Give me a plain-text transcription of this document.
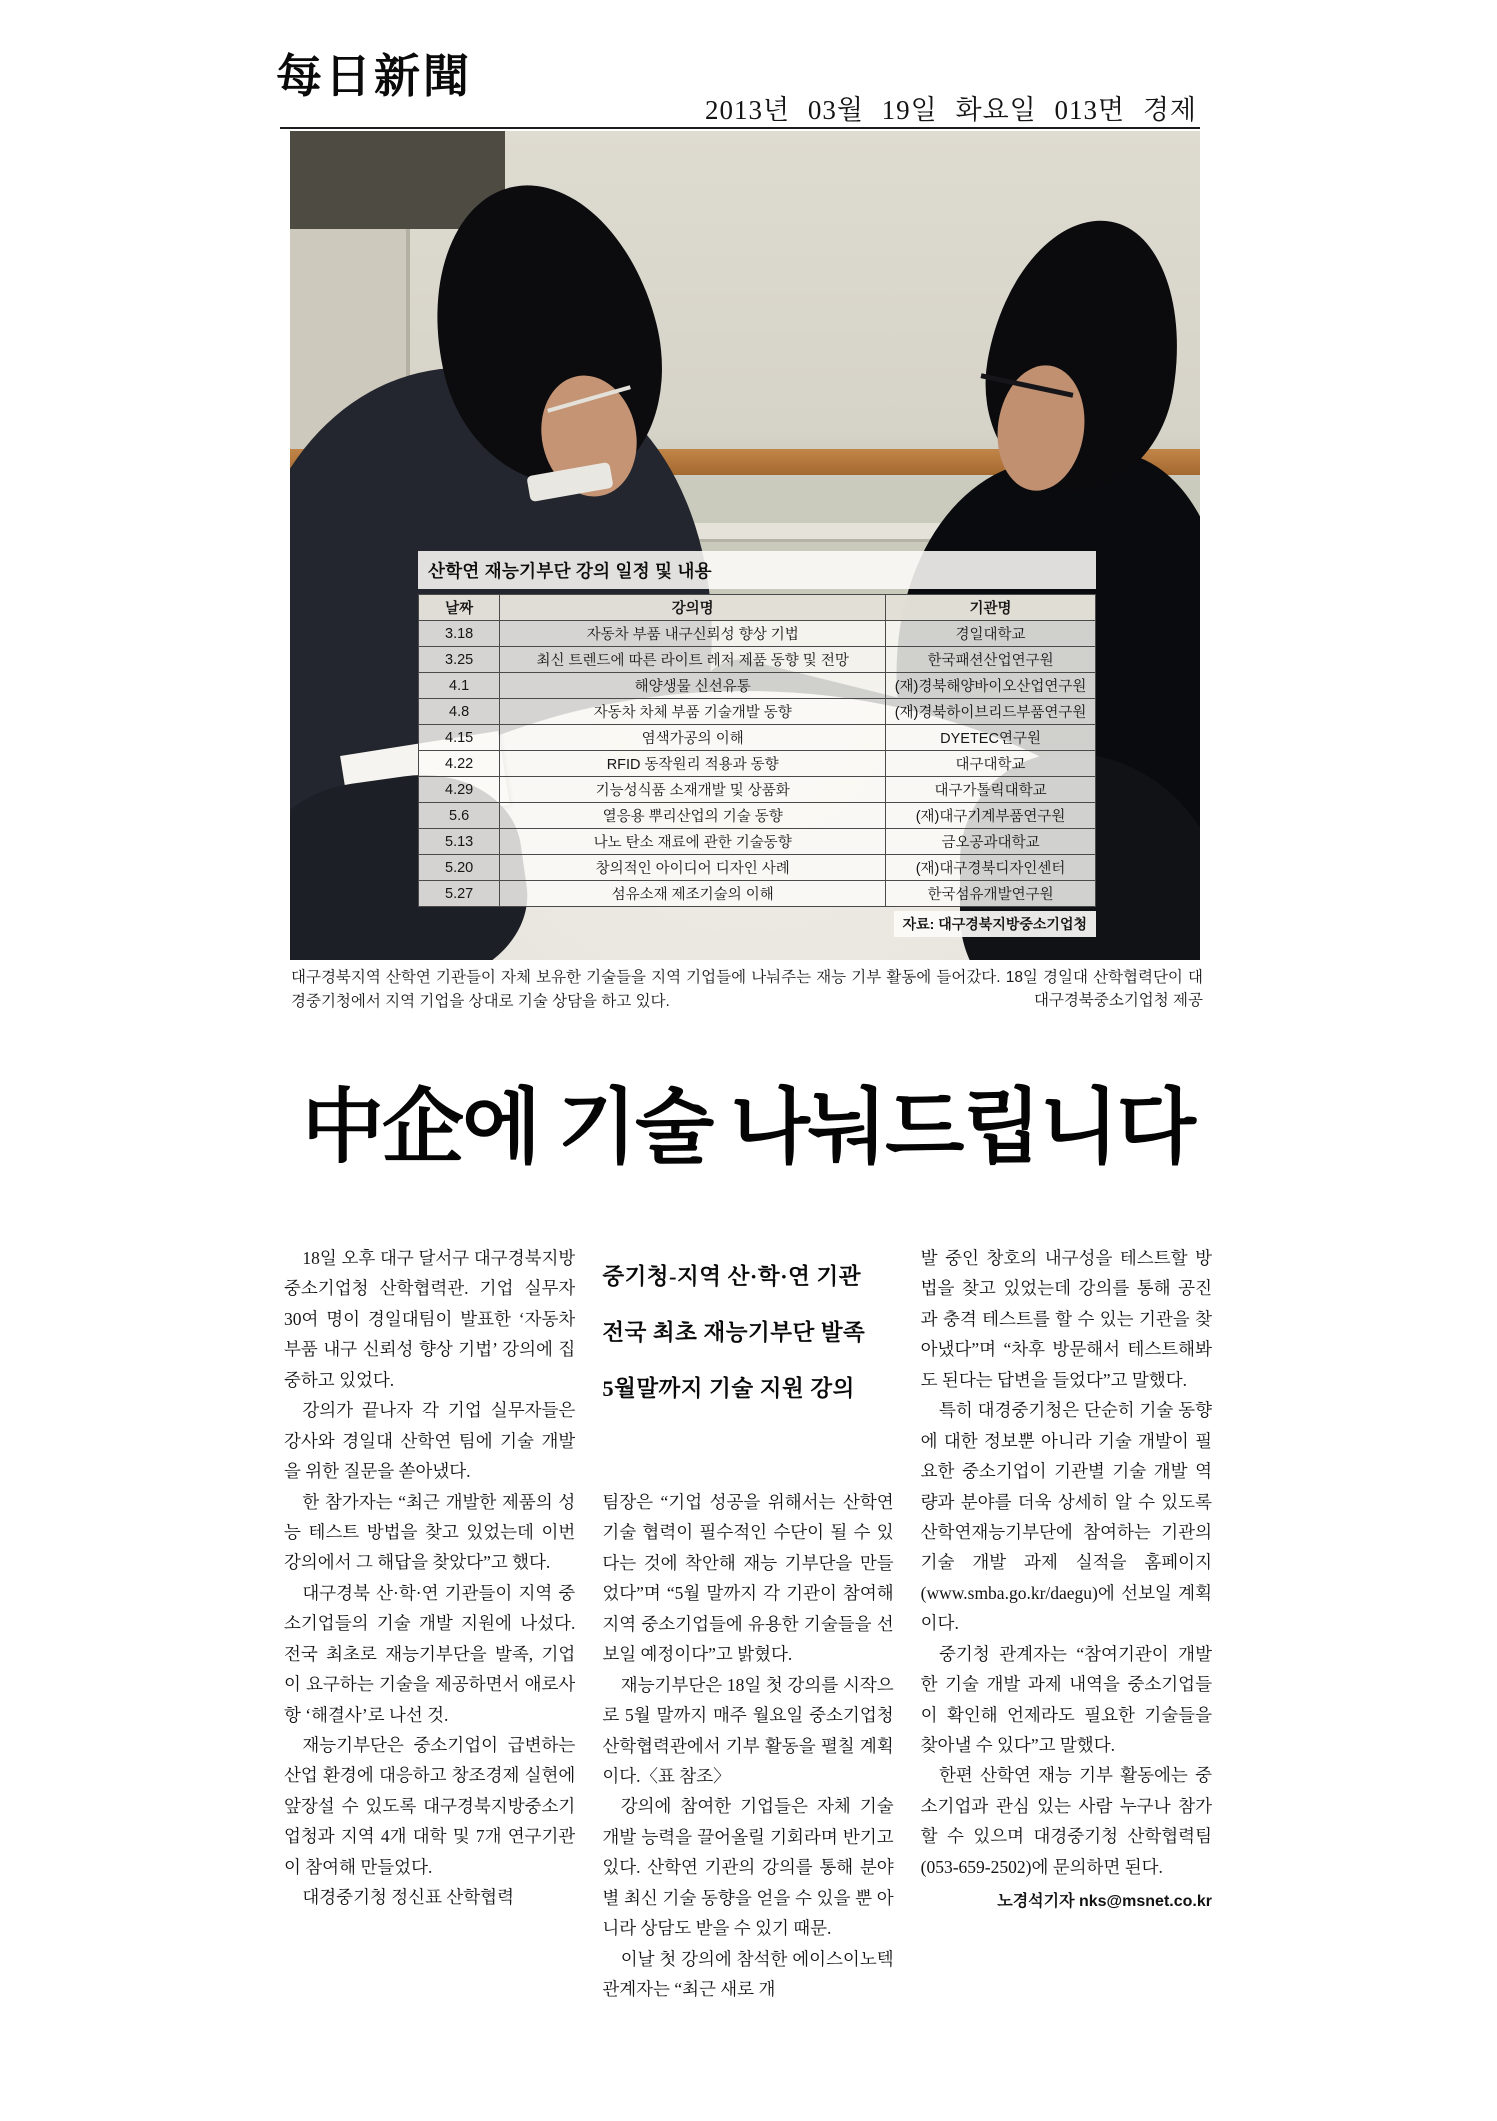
每日新聞
2013년 03월 19일 화요일 013면 경제
산학연 재능기부단 강의 일정 및 내용
날짜	강의명	기관명
3.18	자동차 부품 내구신뢰성 향상 기법	경일대학교
3.25	최신 트렌드에 따른 라이트 레저 제품 동향 및 전망	한국패션산업연구원
4.1	해양생물 신선유통	(재)경북해양바이오산업연구원
4.8	자동차 차체 부품 기술개발 동향	(재)경북하이브리드부품연구원
4.15	염색가공의 이해	DYETEC연구원
4.22	RFID 동작원리 적용과 동향	대구대학교
4.29	기능성식품 소재개발 및 상품화	대구가톨릭대학교
5.6	열응용 뿌리산업의 기술 동향	(재)대구기계부품연구원
5.13	나노 탄소 재료에 관한 기술동향	금오공과대학교
5.20	창의적인 아이디어 디자인 사례	(재)대구경북디자인센터
5.27	섬유소재 제조기술의 이해	한국섬유개발연구원
자료: 대구경북지방중소기업청
대구경북지역 산학연 기관들이 자체 보유한 기술들을 지역 기업들에 나눠주는 재능 기부 활동에 들어갔다. 18일 경일대 산학협력단이 대경중기청에서 지역 기업을 상대로 기술 상담을 하고 있다.	대구경북중소기업청 제공
中企에 기술 나눠드립니다

18일 오후 대구 달서구 대구경북지방중소기업청 산학협력관. 기업 실무자 30여 명이 경일대팀이 발표한 ‘자동차부품 내구 신뢰성 향상 기법’ 강의에 집중하고 있었다.

강의가 끝나자 각 기업 실무자들은 강사와 경일대 산학연 팀에 기술 개발을 위한 질문을 쏟아냈다.

한 참가자는 “최근 개발한 제품의 성능 테스트 방법을 찾고 있었는데 이번 강의에서 그 해답을 찾았다”고 했다.

대구경북 산·학·연 기관들이 지역 중소기업들의 기술 개발 지원에 나섰다. 전국 최초로 재능기부단을 발족, 기업이 요구하는 기술을 제공하면서 애로사항 ‘해결사’로 나선 것.

재능기부단은 중소기업이 급변하는 산업 환경에 대응하고 창조경제 실현에 앞장설 수 있도록 대구경북지방중소기업청과 지역 4개 대학 및 7개 연구기관이 참여해 만들었다.

대경중기청 정신표 산학협력

중기청-지역 산·학·연 기관
전국 최초 재능기부단 발족
5월말까지 기술 지원 강의

팀장은 “기업 성공을 위해서는 산학연 기술 협력이 필수적인 수단이 될 수 있다는 것에 착안해 재능 기부단을 만들었다”며 “5월 말까지 각 기관이 참여해 지역 중소기업들에 유용한 기술들을 선보일 예정이다”고 밝혔다.

재능기부단은 18일 첫 강의를 시작으로 5월 말까지 매주 월요일 중소기업청 산학협력관에서 기부 활동을 펼칠 계획이다.〈표 참조〉

강의에 참여한 기업들은 자체 기술 개발 능력을 끌어올릴 기회라며 반기고 있다. 산학연 기관의 강의를 통해 분야별 최신 기술 동향을 얻을 수 있을 뿐 아니라 상담도 받을 수 있기 때문.

이날 첫 강의에 참석한 에이스이노텍 관계자는 “최근 새로 개

발 중인 창호의 내구성을 테스트할 방법을 찾고 있었는데 강의를 통해 공진과 충격 테스트를 할 수 있는 기관을 찾아냈다”며 “차후 방문해서 테스트해봐도 된다는 답변을 들었다”고 말했다.

특히 대경중기청은 단순히 기술 동향에 대한 정보뿐 아니라 기술 개발이 필요한 중소기업이 기관별 기술 개발 역량과 분야를 더욱 상세히 알 수 있도록 산학연재능기부단에 참여하는 기관의 기술 개발 과제 실적을 홈페이지(www.smba.go.kr/daegu)에 선보일 계획이다.

중기청 관계자는 “참여기관이 개발한 기술 개발 과제 내역을 중소기업들이 확인해 언제라도 필요한 기술들을 찾아낼 수 있다”고 말했다.

한편 산학연 재능 기부 활동에는 중소기업과 관심 있는 사람 누구나 참가할 수 있으며 대경중기청 산학협력팀(053-659-2502)에 문의하면 된다.

노경석기자 nks@msnet.co.kr
